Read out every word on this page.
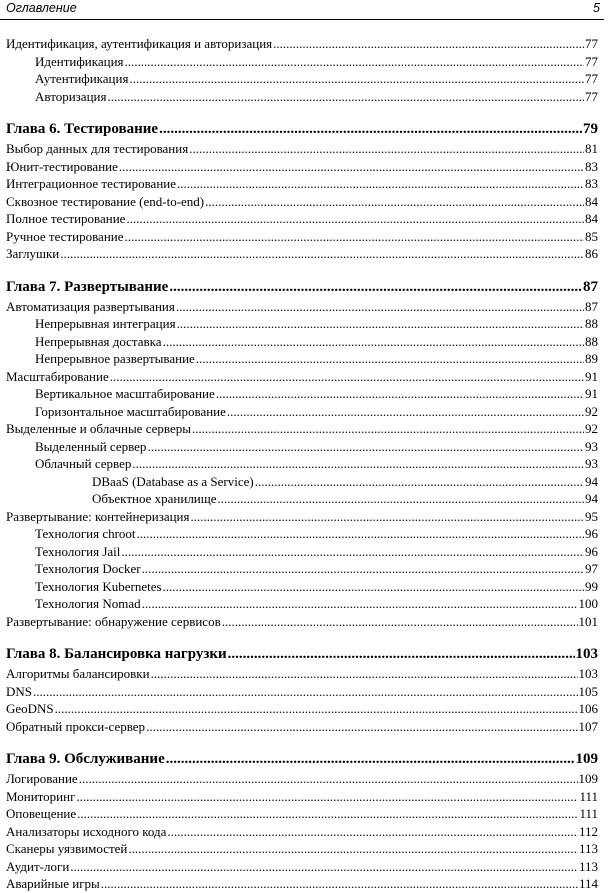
Оглавление	5
Идентификация, аутентификация и авторизация .....	77
Идентификация .....	77
Аутентификация .....	77
Авторизация .....	77
Глава 6. Тестирование .....	79
Выбор данных для тестирования .....	81
Юнит-тестирование .....	83
Интеграционное тестирование .....	83
Сквозное тестирование (end-to-end) .....	84
Полное тестирование .....	84
Ручное тестирование .....	85
Заглушки .....	86
Глава 7. Развертывание .....	87
Автоматизация развертывания .....	87
Непрерывная интеграция .....	88
Непрерывная доставка .....	88
Непрерывное развертывание .....	89
Масштабирование .....	91
Вертикальное масштабирование .....	91
Горизонтальное масштабирование .....	92
Выделенные и облачные серверы .....	92
Выделенный сервер .....	93
Облачный сервер .....	93
DBaaS (Database as a Service) .....	94
Объектное хранилище .....	94
Развертывание: контейнеризация .....	95
Технология chroot .....	96
Технология Jail .....	96
Технология Docker .....	97
Технология Kubernetes .....	99
Технология Nomad .....	100
Развертывание: обнаружение сервисов .....	101
Глава 8. Балансировка нагрузки .....	103
Алгоритмы балансировки .....	103
DNS .....	105
GeoDNS .....	106
Обратный прокси-сервер .....	107
Глава 9. Обслуживание .....	109
Логирование .....	109
Мониторинг .....	111
Оповещение .....	111
Анализаторы исходного кода .....	112
Сканеры уязвимостей .....	113
Аудит-логи .....	113
Аварийные игры .....	114
